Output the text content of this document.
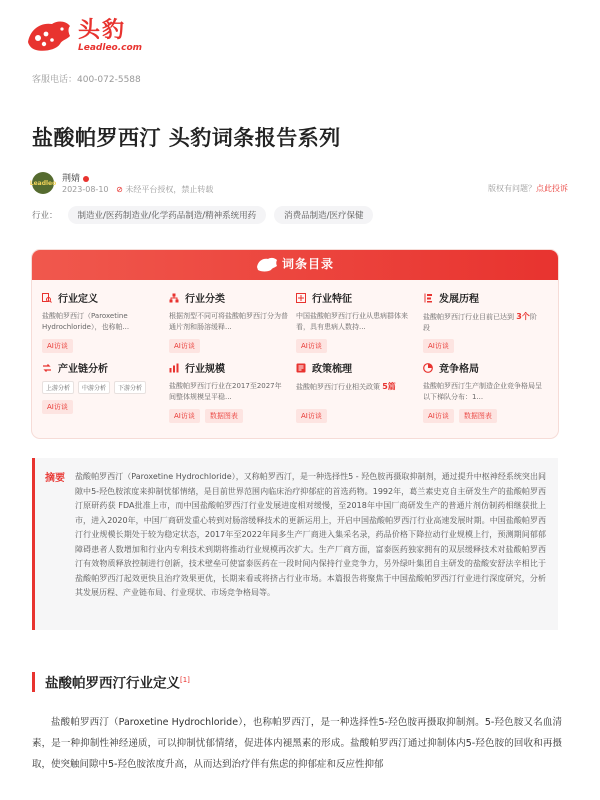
头豹
Leadleo.com
客服电话：400-072-5588
盐酸帕罗西汀 头豹词条报告系列
Leadleo 荆婧
2023-08-10 ⊘ 未经平台授权，禁止转载	版权有问题？点此投诉
行业：	制造业/医药制造业/化学药品制造/精神系统用药	消费品制造/医疗保健
词条目录
行业定义
盐酸帕罗西汀（Paroxetine Hydrochloride），也称帕...
AI访谈
行业分类
根据剂型不同可将盐酸帕罗西汀分为普通片剂和肠溶缓释...
AI访谈
行业特征
中国盐酸帕罗西汀行业从患病群体来看，具有患病人数持...
AI访谈
发展历程
盐酸帕罗西汀行业目前已达到 3个阶段
AI访谈
产业链分析
上游分析	中游分析	下游分析
AI访谈
行业规模
盐酸帕罗西汀行业在2017至2027年间整体规模呈平稳...
AI访谈	数据图表
政策梳理
盐酸帕罗西汀行业相关政策 5篇
AI访谈
竞争格局
盐酸帕罗西汀生产制造企业竞争格局呈以下梯队分布：1...
AI访谈	数据图表
摘要 盐酸帕罗西汀（Paroxetine Hydrochloride），又称帕罗西汀，是一种选择性5 - 羟色胺再摄取抑制剂，通过提升中枢神经系统突出间隙中5-羟色胺浓度来抑制忧郁情绪，是目前世界范围内临床治疗抑郁症的首选药物。1992年，葛兰素史克自主研发生产的盐酸帕罗西汀原研药获 FDA批准上市，而中国盐酸帕罗西汀行业发展进度相对缓慢，至2018年中国厂商研发生产的普通片剂仿制药相继获批上市，进入2020年，中国厂商研发重心转到对肠溶缓释技术的更新运用上，开启中国盐酸帕罗西汀行业高速发展时期。中国盐酸帕罗西汀行业规模长期处于较为稳定状态，2017年至2022年间多生产厂商进入集采名录，药品价格下降拉动行业规模上行，预测期间郁郁障碍患者人数增加和行业内专利技术到期将推动行业规模再次扩大。生产厂商方面，富泰医药独家拥有的双层缓释技术对盐酸帕罗西汀有效物质释放控制进行创新，技术壁垒可使富泰医药在一段时间内保持行业竞争力，另外绿叶集团自主研发的盐酸安舒法辛相比于盐酸帕罗西汀起效更快且治疗效果更优，长期来看或将挤占行业市场。本篇报告将聚焦于中国盐酸帕罗西汀行业进行深度研究，分析其发展历程、产业链布局、行业现状、市场竞争格局等。

盐酸帕罗西汀行业定义[1]

盐酸帕罗西汀（Paroxetine Hydrochloride），也称帕罗西汀，是一种选择性5-羟色胺再摄取抑制剂。5-羟色胺又名血清素，是一种抑制性神经递质，可以抑制忧郁情绪，促进体内褪黑素的形成。盐酸帕罗西汀通过抑制体内5-羟色胺的回收和再摄取，使突触间隙中5-羟色胺浓度升高，从而达到治疗伴有焦虑的抑郁症和反应性抑郁
